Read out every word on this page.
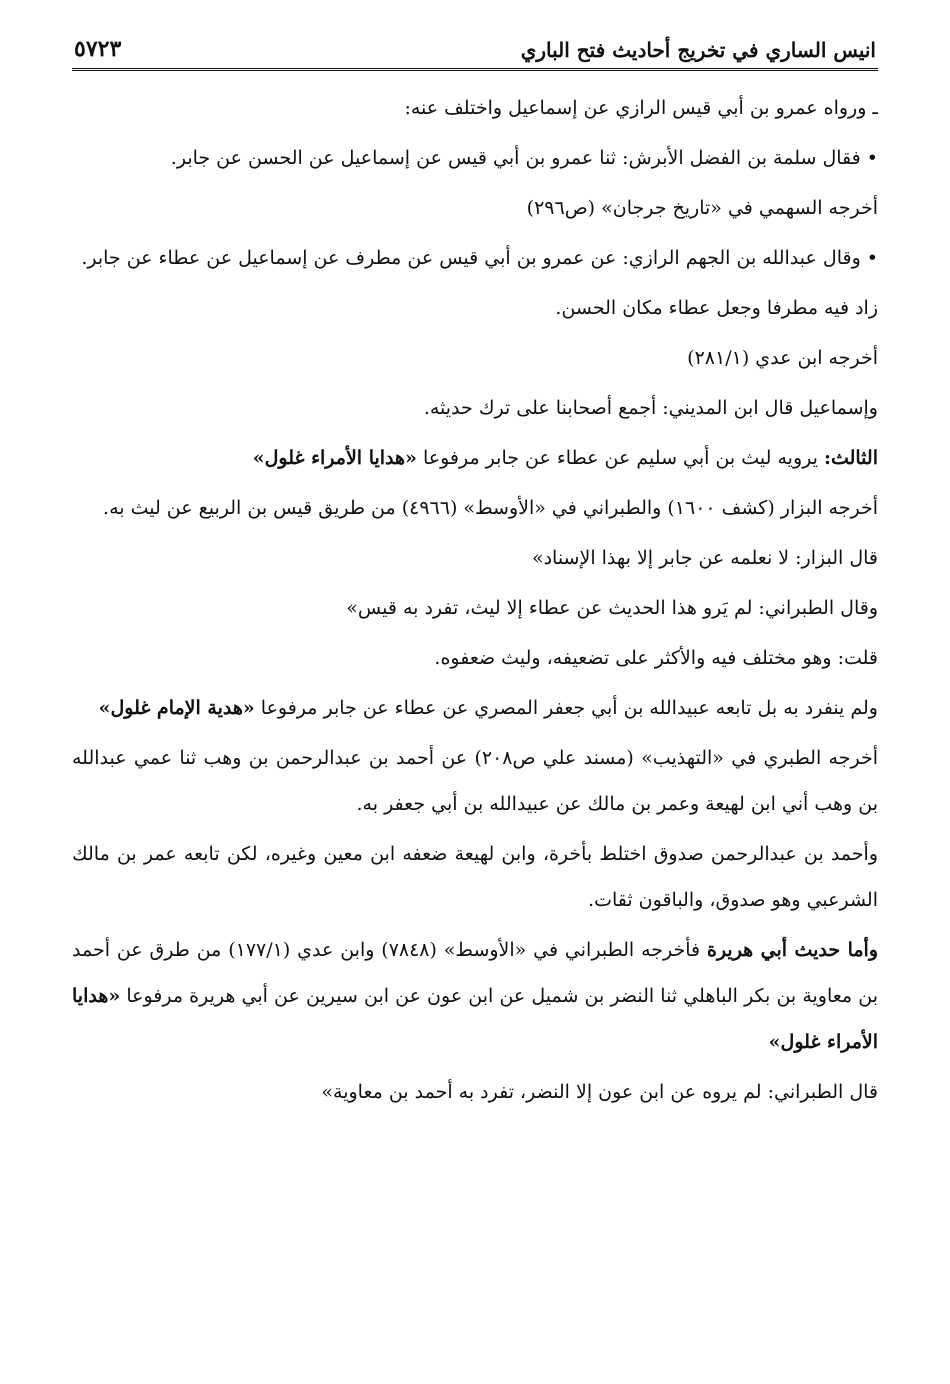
انيس الساري في تخريج أحاديث فتح الباري
٥٧٢٣

ـ ورواه عمرو بن أبي قيس الرازي عن إسماعيل واختلف عنه:

• فقال سلمة بن الفضل الأبرش: ثنا عمرو بن أبي قيس عن إسماعيل عن الحسن عن جابر.

أخرجه السهمي في «تاريخ جرجان» (ص٢٩٦)

• وقال عبدالله بن الجهم الرازي: عن عمرو بن أبي قيس عن مطرف عن إسماعيل عن عطاء عن جابر.

زاد فيه مطرفا وجعل عطاء مكان الحسن.

أخرجه ابن عدي (٢٨١/١)

وإسماعيل قال ابن المديني: أجمع أصحابنا على ترك حديثه.

الثالث: يرويه ليث بن أبي سليم عن عطاء عن جابر مرفوعا «هدايا الأمراء غلول»

أخرجه البزار (كشف ١٦٠٠) والطبراني في «الأوسط» (٤٩٦٦) من طريق قيس بن الربيع عن ليث به.

قال البزار: لا نعلمه عن جابر إلا بهذا الإسناد»

وقال الطبراني: لم يَرو هذا الحديث عن عطاء إلا ليث، تفرد به قيس»

قلت: وهو مختلف فيه والأكثر على تضعيفه، وليث ضعفوه.

ولم ينفرد به بل تابعه عبيدالله بن أبي جعفر المصري عن عطاء عن جابر مرفوعا «هدية الإمام غلول»

أخرجه الطبري في «التهذيب» (مسند علي ص٢٠٨) عن أحمد بن عبدالرحمن بن وهب ثنا عمي عبدالله بن وهب أني ابن لهيعة وعمر بن مالك عن عبيدالله بن أبي جعفر به.

وأحمد بن عبدالرحمن صدوق اختلط بأخرة، وابن لهيعة ضعفه ابن معين وغيره، لكن تابعه عمر بن مالك الشرعبي وهو صدوق، والباقون ثقات.

وأما حديث أبي هريرة فأخرجه الطبراني في «الأوسط» (٧٨٤٨) وابن عدي (١٧٧/١) من طرق عن أحمد بن معاوية بن بكر الباهلي ثنا النضر بن شميل عن ابن عون عن ابن سيرين عن أبي هريرة مرفوعا «هدايا الأمراء غلول»

قال الطبراني: لم يروه عن ابن عون إلا النضر، تفرد به أحمد بن معاوية»
